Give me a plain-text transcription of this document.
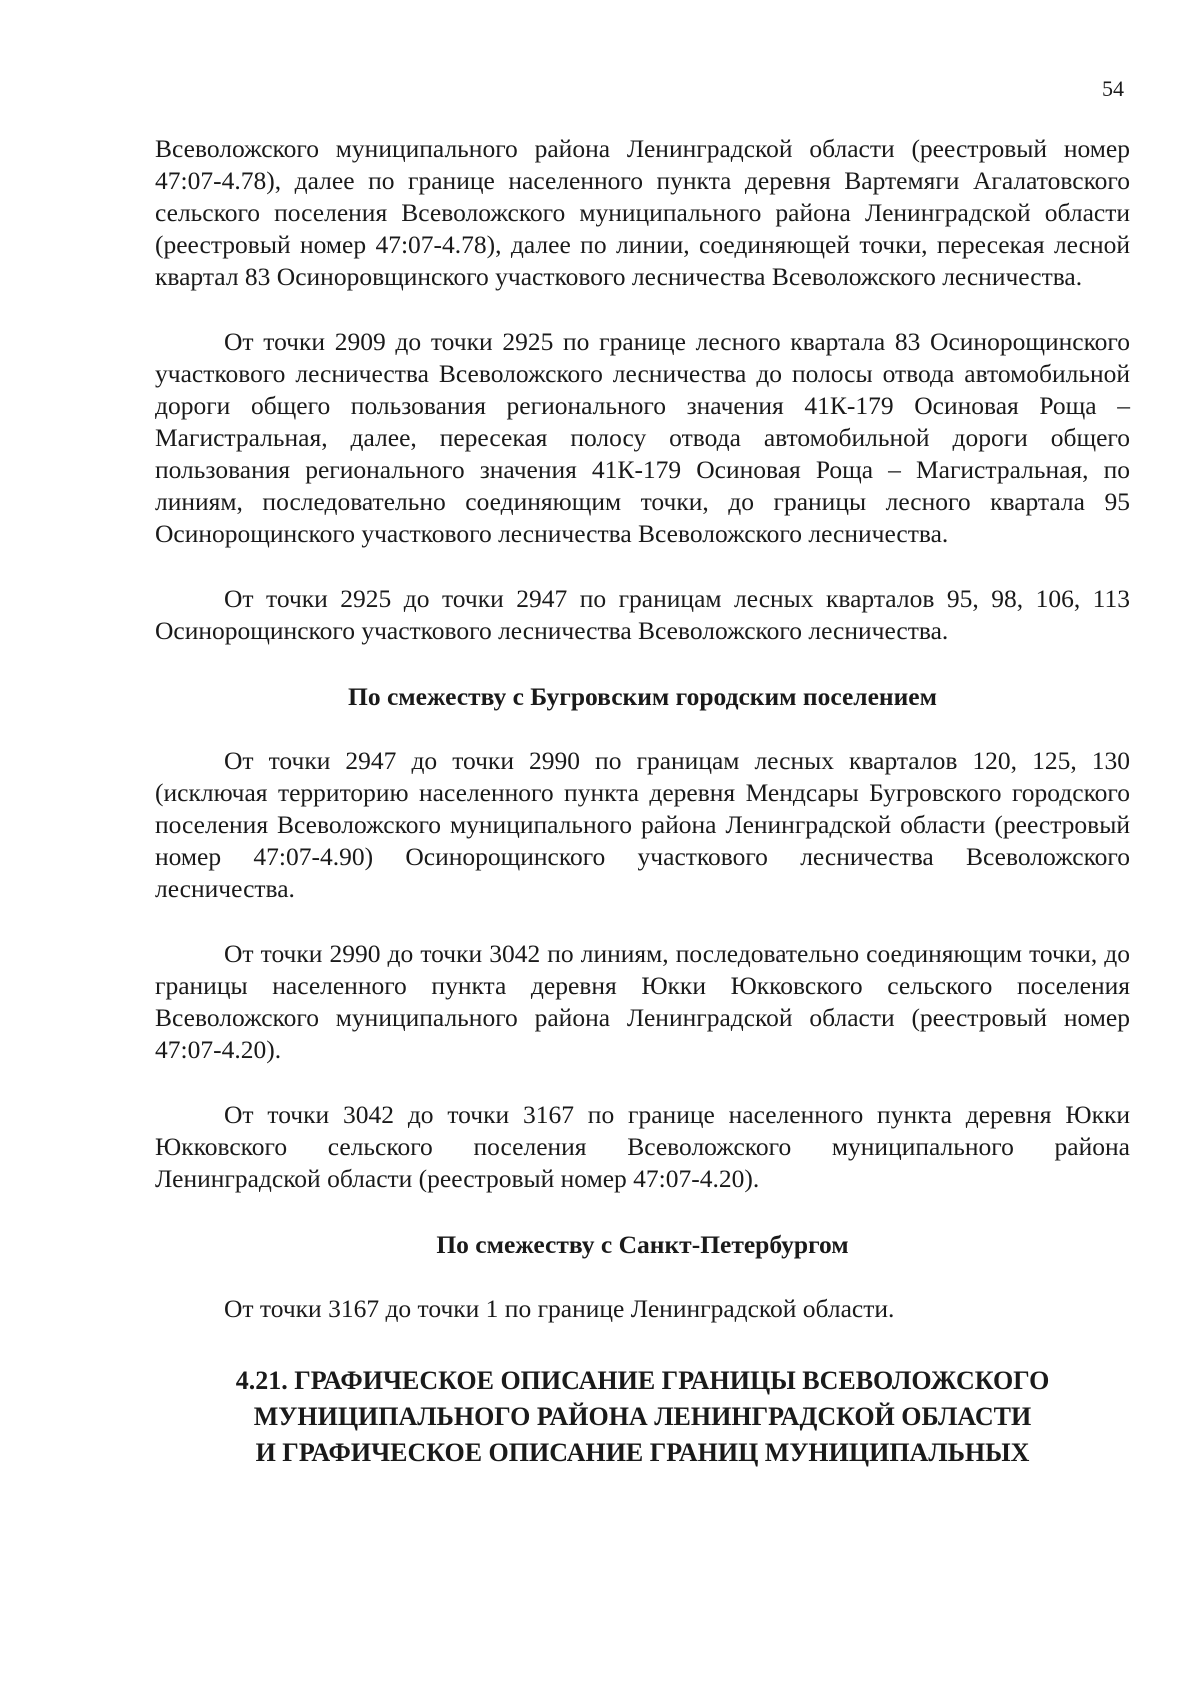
54

Всеволожского муниципального района Ленинградской области (реестровый номер 47:07-4.78), далее по границе населенного пункта деревня Вартемяги Агалатовского сельского поселения Всеволожского муниципального района Ленинградской области (реестровый номер 47:07-4.78), далее по линии, соединяющей точки, пересекая лесной квартал 83 Осиноровщинского участкового лесничества Всеволожского лесничества.

От точки 2909 до точки 2925 по границе лесного квартала 83 Осинорощинского участкового лесничества Всеволожского лесничества до полосы отвода автомобильной дороги общего пользования регионального значения 41К-179 Осиновая Роща – Магистральная, далее, пересекая полосу отвода автомобильной дороги общего пользования регионального значения 41К-179 Осиновая Роща – Магистральная, по линиям, последовательно соединяющим точки, до границы лесного квартала 95 Осинорощинского участкового лесничества Всеволожского лесничества.

От точки 2925 до точки 2947 по границам лесных кварталов 95, 98, 106, 113 Осинорощинского участкового лесничества Всеволожского лесничества.

По смежеству с Бугровским городским поселением

От точки 2947 до точки 2990 по границам лесных кварталов 120, 125, 130 (исключая территорию населенного пункта деревня Мендсары Бугровского городского поселения Всеволожского муниципального района Ленинградской области (реестровый номер 47:07-4.90) Осинорощинского участкового лесничества Всеволожского лесничества.

От точки 2990 до точки 3042 по линиям, последовательно соединяющим точки, до границы населенного пункта деревня Юкки Юкковского сельского поселения Всеволожского муниципального района Ленинградской области (реестровый номер 47:07-4.20).

От точки 3042 до точки 3167 по границе населенного пункта деревня Юкки Юкковского сельского поселения Всеволожского муниципального района Ленинградской области (реестровый номер 47:07-4.20).

По смежеству с Санкт-Петербургом

От точки 3167 до точки 1 по границе Ленинградской области.

4.21. ГРАФИЧЕСКОЕ ОПИСАНИЕ ГРАНИЦЫ ВСЕВОЛОЖСКОГО
МУНИЦИПАЛЬНОГО РАЙОНА ЛЕНИНГРАДСКОЙ ОБЛАСТИ
И ГРАФИЧЕСКОЕ ОПИСАНИЕ ГРАНИЦ МУНИЦИПАЛЬНЫХ
